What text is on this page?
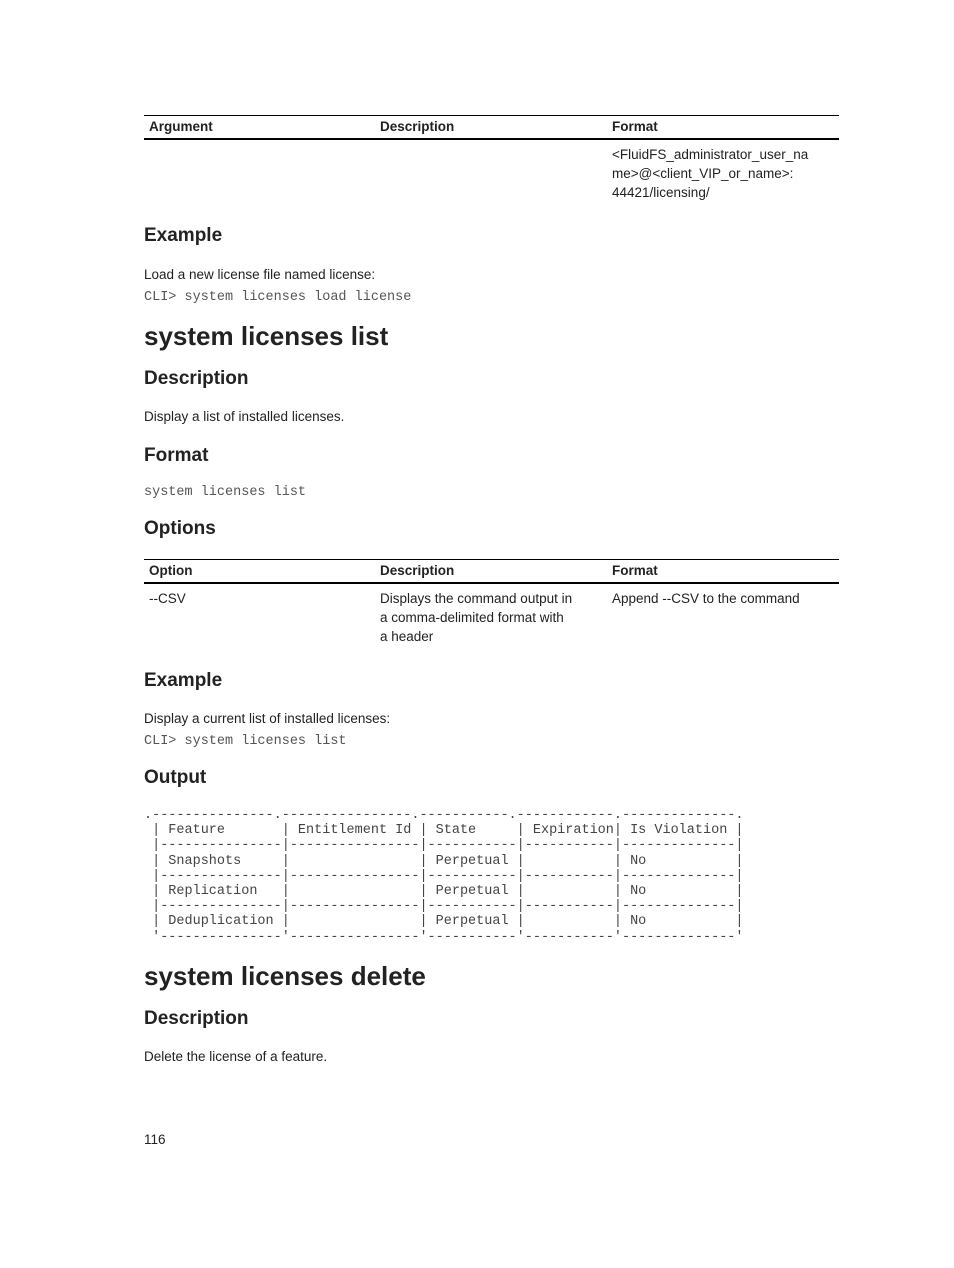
Argument	Description	Format
		<FluidFS_administrator_user_na
me>@<client_VIP_or_name>:
44421/licensing/
Example
Load a new license file named license:
CLI> system licenses load license
system licenses list
Description
Display a list of installed licenses.
Format
system licenses list
Options
Option	Description	Format
--CSV	Displays the command output in
a comma-delimited format with
a header	Append --CSV to the command
Example
Display a current list of installed licenses:
CLI> system licenses list
Output
.---------------.----------------.-----------.------------.--------------.
| Feature       | Entitlement Id | State     | Expiration| Is Violation |
|---------------|----------------|-----------|-----------|--------------|
| Snapshots     |                | Perpetual |           | No           |
|---------------|----------------|-----------|-----------|--------------|
| Replication   |                | Perpetual |           | No           |
|---------------|----------------|-----------|-----------|--------------|
| Deduplication |                | Perpetual |           | No           |
'---------------'----------------'-----------'-----------'--------------'
system licenses delete
Description
Delete the license of a feature.
116
